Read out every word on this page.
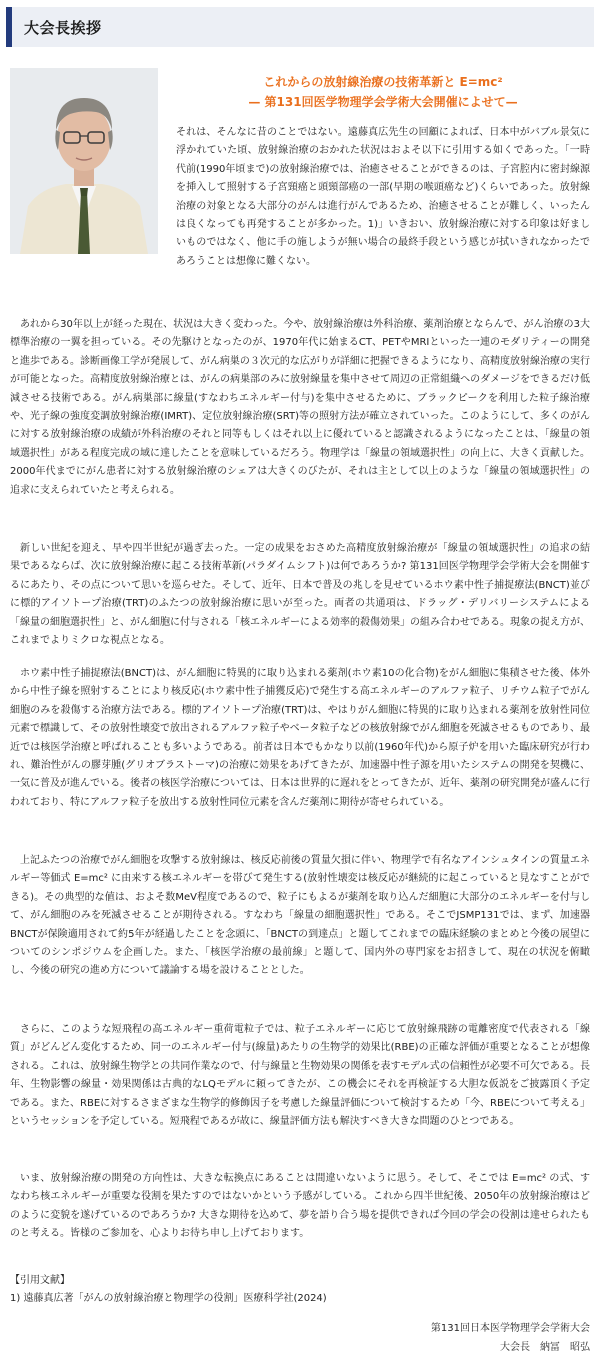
大会長挨拶
これからの放射線治療の技術革新と E=mc²
— 第131回医学物理学会学術大会開催によせて—

それは、そんなに昔のことではない。遠藤真広先生の回顧によれば、日本中がバブル景気に浮かれていた頃、放射線治療のおかれた状況はおよそ以下に引用する如くであった。「一時代前(1990年頃まで)の放射線治療では、治癒させることができるのは、子宮腔内に密封線源を挿入して照射する子宮頸癌と頭頸部癌の一部(早期の喉頭癌など)くらいであった。放射線治療の対象となる大部分のがんは進行がんであるため、治癒させることが難しく、いったんは良くなっても再発することが多かった。1)」いきおい、放射線治療に対する印象は好ましいものではなく、他に手の施しようが無い場合の最終手段という感じが拭いきれなかったであろうことは想像に難くない。

あれから30年以上が経った現在、状況は大きく変わった。今や、放射線治療は外科治療、薬剤治療とならんで、がん治療の3大標準治療の一翼を担っている。その先駆けとなったのが、1970年代に始まるCT、PETやMRIといった一連のモダリティーの開発と進歩である。診断画像工学が発展して、がん病巣の３次元的な広がりが詳細に把握できるようになり、高精度放射線治療の実行が可能となった。高精度放射線治療とは、がんの病巣部のみに放射線量を集中させて周辺の正常組織へのダメージをできるだけ低減させる技術である。がん病巣部に線量(すなわちエネルギー付与)を集中させるために、ブラックピークを利用した粒子線治療や、光子線の強度変調放射線治療(IMRT)、定位放射線治療(SRT)等の照射方法が確立されていった。このようにして、多くのがんに対する放射線治療の成績が外科治療のそれと同等もしくはそれ以上に優れていると認識されるようになったことは、「線量の領域選択性」がある程度完成の域に達したことを意味しているだろう。物理学は「線量の領域選択性」の向上に、大きく貢献した。2000年代までにがん患者に対する放射線治療のシェアは大きくのびたが、それは主として以上のような「線量の領域選択性」の追求に支えられていたと考えられる。

新しい世紀を迎え、早や四半世紀が過ぎ去った。一定の成果をおさめた高精度放射線治療が「線量の領域選択性」の追求の結果であるならば、次に放射線治療に起こる技術革新(パラダイムシフト)は何であろうか? 第131回医学物理学会学術大会を開催するにあたり、その点について思いを巡らせた。そして、近年、日本で普及の兆しを見せているホウ素中性子捕捉療法(BNCT)並びに標的アイソトープ治療(TRT)のふたつの放射線治療に思いが至った。両者の共通項は、ドラッグ・デリバリーシステムによる「線量の細胞選択性」と、がん細胞に付与される「核エネルギーによる効率的殺傷効果」の組み合わせである。現象の捉え方が、これまでよりミクロな視点となる。

ホウ素中性子捕捉療法(BNCT)は、がん細胞に特異的に取り込まれる薬剤(ホウ素10の化合物)をがん細胞に集積させた後、体外から中性子線を照射することにより核反応(ホウ素中性子捕獲反応)で発生する高エネルギーのアルファ粒子、リチウム粒子でがん細胞のみを殺傷する治療方法である。標的アイソトープ治療(TRT)は、やはりがん細胞に特異的に取り込まれる薬剤を放射性同位元素で標識して、その放射性壊変で放出されるアルファ粒子やベータ粒子などの核放射線でがん細胞を死滅させるものであり、最近では核医学治療と呼ばれることも多いようである。前者は日本でもかなり以前(1960年代)から原子炉を用いた臨床研究が行われ、難治性がんの膠芽腫(グリオブラストーマ)の治療に効果をあげてきたが、加速器中性子源を用いたシステムの開発を契機に、一気に普及が進んでいる。後者の核医学治療については、日本は世界的に遅れをとってきたが、近年、薬剤の研究開発が盛んに行われており、特にアルファ粒子を放出する放射性同位元素を含んだ薬剤に期待が寄せられている。

上記ふたつの治療でがん細胞を攻撃する放射線は、核反応前後の質量欠損に伴い、物理学で有名なアインシュタインの質量エネルギー等価式 E=mc² に由来する核エネルギーを帯びて発生する(放射性壊変は核反応が継続的に起こっていると見なすことができる)。その典型的な値は、およそ数MeV程度であるので、粒子にもよるが薬剤を取り込んだ細胞に大部分のエネルギーを付与して、がん細胞のみを死滅させることが期待される。すなわち「線量の細胞選択性」である。そこでJSMP131では、まず、加速器BNCTが保険適用されて約5年が経過したことを念頭に、「BNCTの到達点」と題してこれまでの臨床経験のまとめと今後の展望についてのシンポジウムを企画した。また、「核医学治療の最前線」と題して、国内外の専門家をお招きして、現在の状況を俯瞰し、今後の研究の進め方について議論する場を設けることとした。

さらに、このような短飛程の高エネルギー重荷電粒子では、粒子エネルギーに応じて放射線飛跡の電離密度で代表される「線質」がどんどん変化するため、同一のエネルギー付与(線量)あたりの生物学的効果比(RBE)の正確な評価が重要となることが想像される。これは、放射線生物学との共同作業なので、付与線量と生物効果の関係を表すモデル式の信頼性が必要不可欠である。長年、生物影響の線量・効果関係は古典的なLQモデルに頼ってきたが、この機会にそれを再検証する大胆な仮説をご披露頂く予定である。また、RBEに対するさまざまな生物学的修飾因子を考慮した線量評価について検討するため「今、RBEについて考える」というセッションを予定している。短飛程であるが故に、線量評価方法も解決すべき大きな問題のひとつである。

いま、放射線治療の開発の方向性は、大きな転換点にあることは間違いないように思う。そして、そこでは E=mc² の式、すなわち核エネルギーが重要な役割を果たすのではないかという予感がしている。これから四半世紀後、2050年の放射線治療はどのように変貌を遂げているのであろうか? 大きな期待を込めて、夢を語り合う場を提供できれば今回の学会の役割は達せられたものと考える。皆様のご参加を、心よりお待ち申し上げております。

【引用文献】
1) 遠藤真広著「がんの放射線治療と物理学の役割」医療科学社(2024)
第131回日本医学物理学会学術大会
大会長　納冨　昭弘
